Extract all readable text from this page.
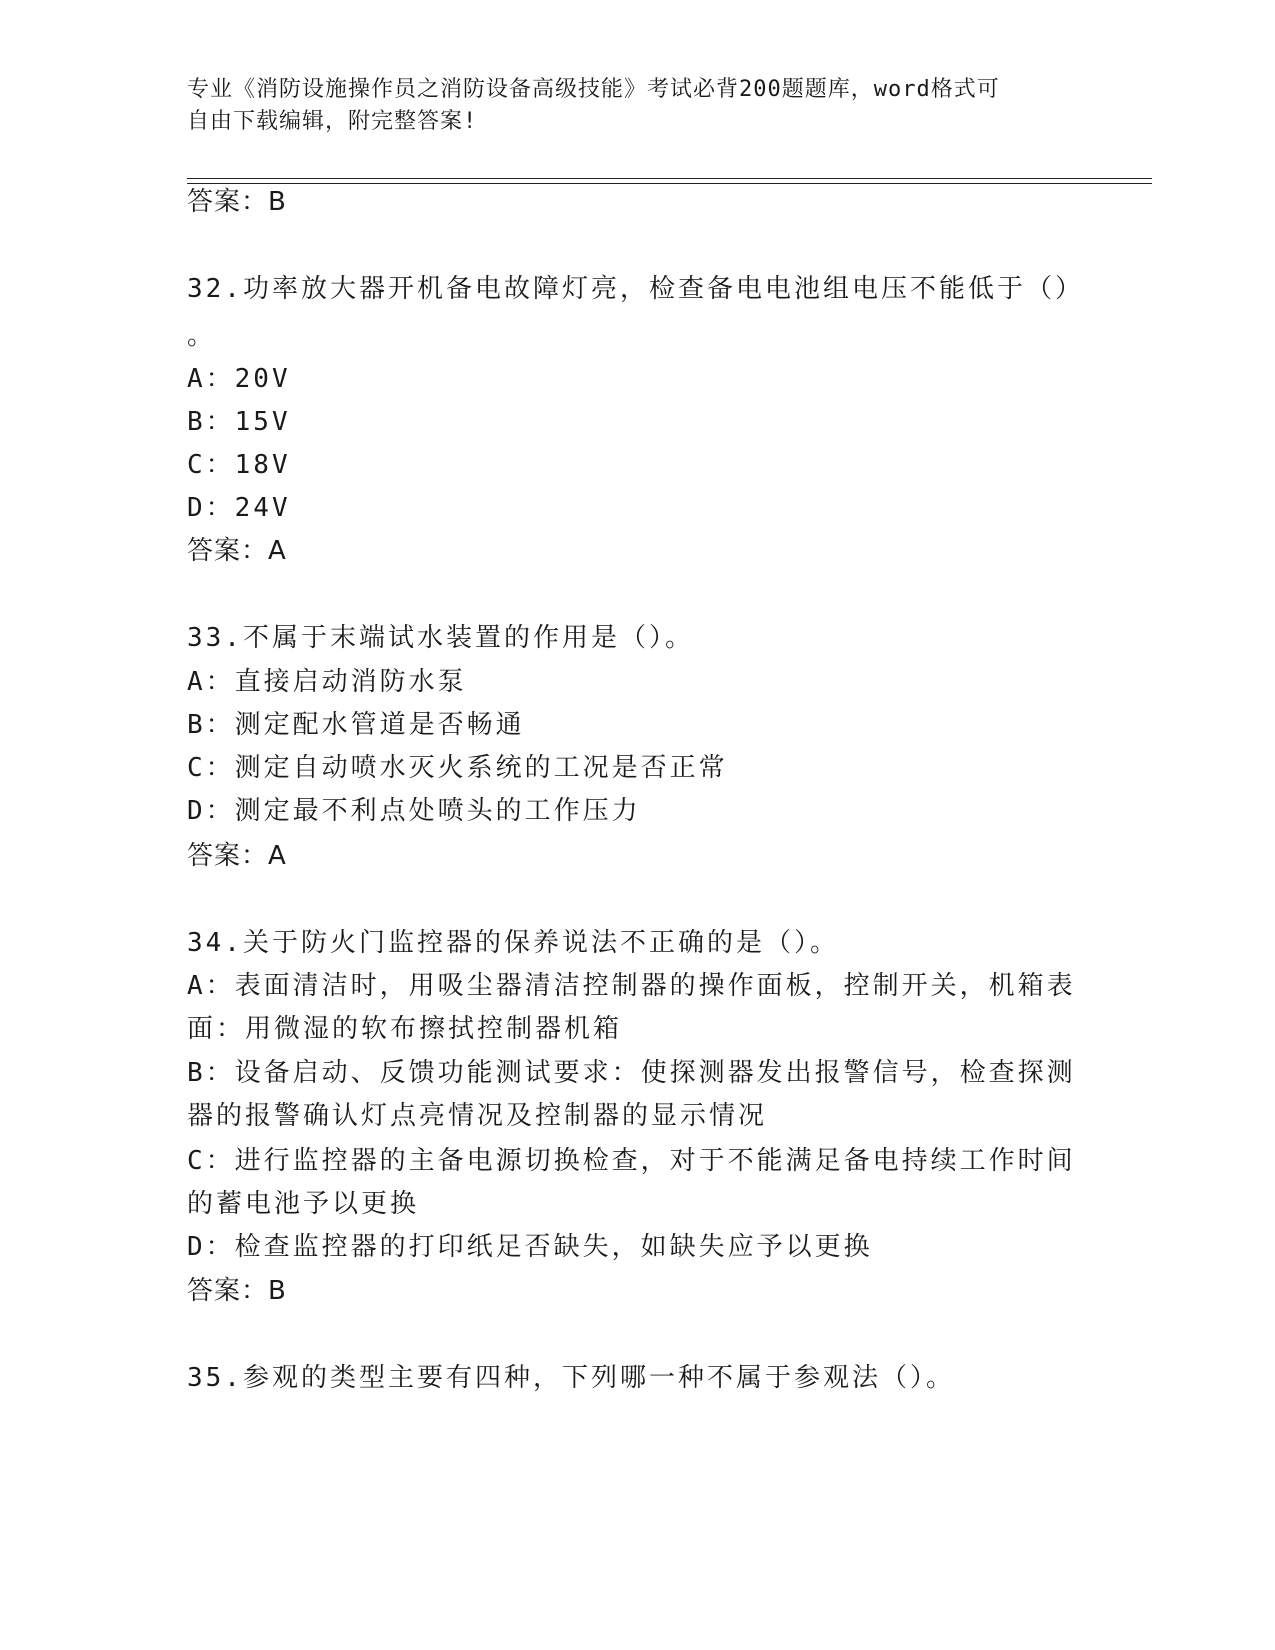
专业《消防设施操作员之消防设备高级技能》考试必背200题题库，word格式可
自由下载编辑，附完整答案!
答案：B
32.功率放大器开机备电故障灯亮，检查备电电池组电压不能低于（）
。
A：20V
B：15V
C：18V
D：24V
答案：A
33.不属于末端试水装置的作用是（）。
A：直接启动消防水泵
B：测定配水管道是否畅通
C：测定自动喷水灭火系统的工况是否正常
D：测定最不利点处喷头的工作压力
答案：A
34.关于防火门监控器的保养说法不正确的是（）。
A：表面清洁时，用吸尘器清洁控制器的操作面板，控制开关，机箱表
面：用微湿的软布擦拭控制器机箱
B：设备启动、反馈功能测试要求：使探测器发出报警信号，检查探测
器的报警确认灯点亮情况及控制器的显示情况
C：进行监控器的主备电源切换检查，对于不能满足备电持续工作时间
的蓄电池予以更换
D：检查监控器的打印纸足否缺失，如缺失应予以更换
答案：B
35.参观的类型主要有四种，下列哪一种不属于参观法（）。
